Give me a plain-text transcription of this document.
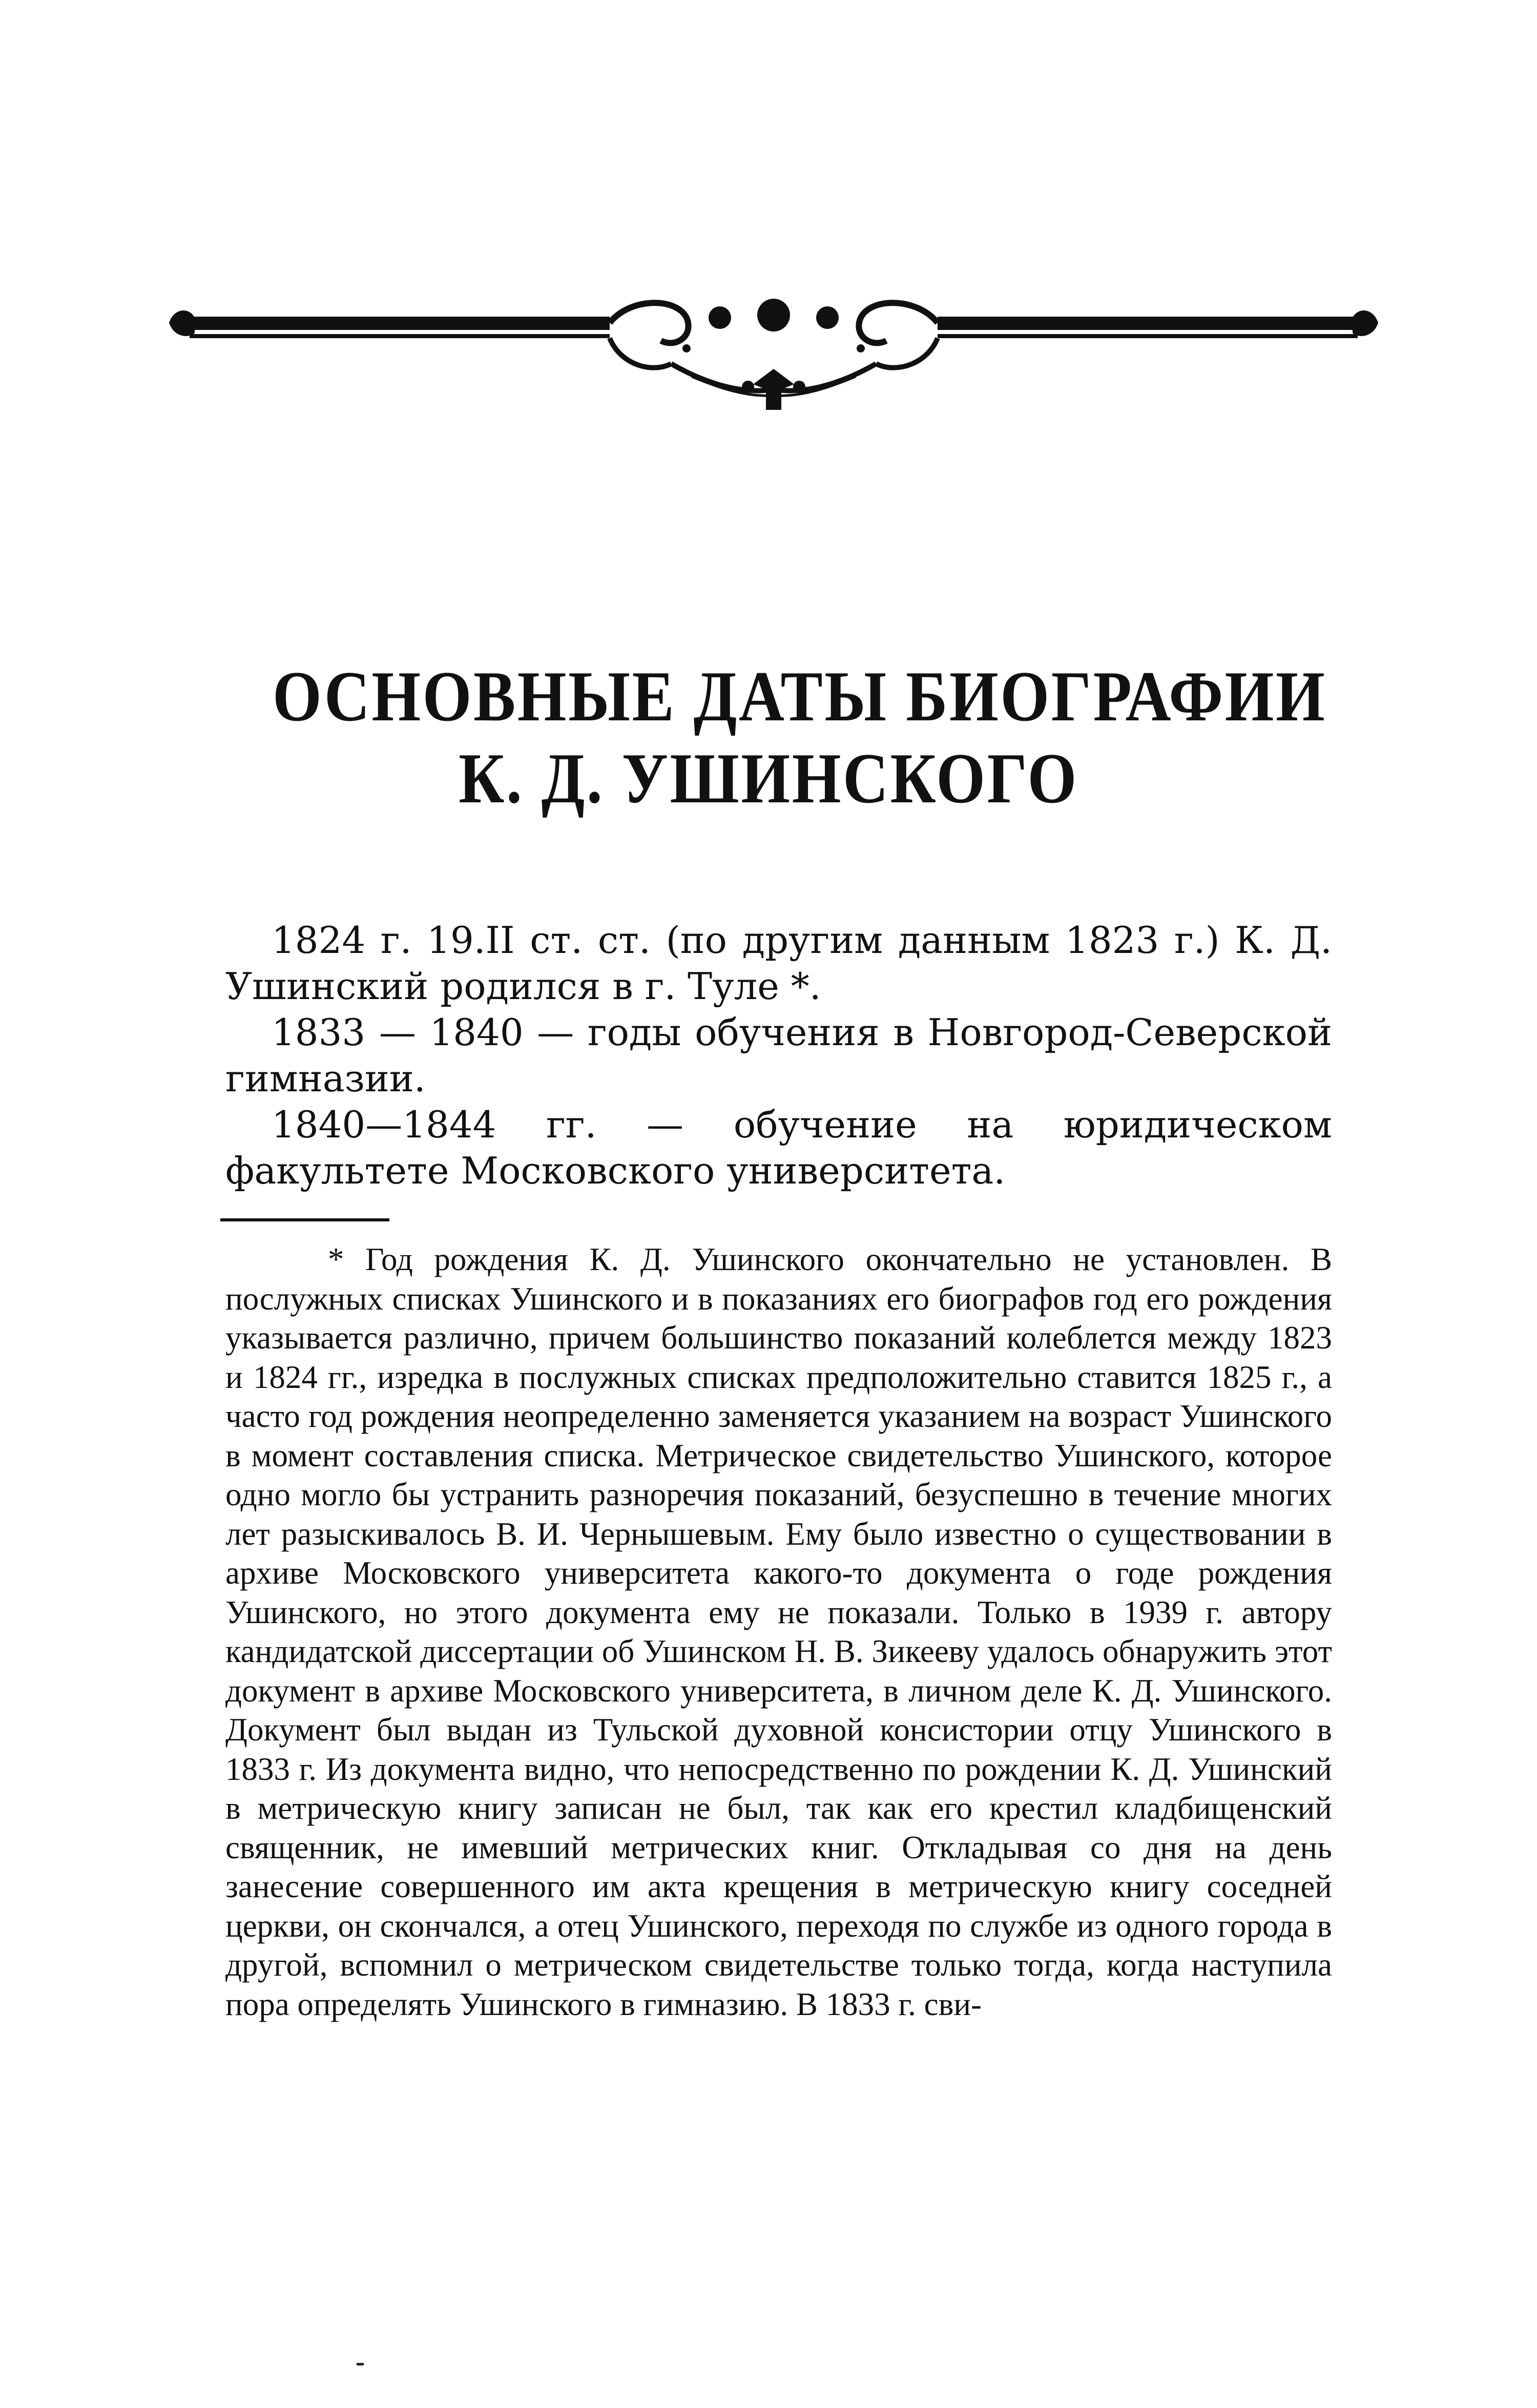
ОСНОВНЫЕ ДАТЫ БИОГРАФИИ
К. Д. УШИНСКОГО

1824 г. 19.II ст. ст. (по другим данным 1823 г.) К. Д. Ушинский родился в г. Туле *.

1833 — 1840 — годы обучения в Новгород-Северской гимназии.

1840—1844 гг. — обучение на юридическом факультете Московского университета.

* Год рождения К. Д. Ушинского окончательно не установлен. В послужных списках Ушинского и в показаниях его биографов год его рождения указывается различно, причем большинство показаний колеблется между 1823 и 1824 гг., изредка в послужных списках предположительно ставится 1825 г., а часто год рождения неопределенно заменяется указанием на возраст Ушинского в момент составления списка. Метрическое свидетельство Ушинского, которое одно могло бы устранить разноречия показаний, безуспешно в течение многих лет разыскивалось В. И. Чернышевым. Ему было известно о существовании в архиве Московского университета какого-то документа о годе рождения Ушинского, но этого документа ему не показали. Только в 1939 г. автору кандидатской диссертации об Ушинском Н. В. Зикееву удалось обнаружить этот документ в архиве Московского университета, в личном деле К. Д. Ушинского. Документ был выдан из Тульской духовной консистории отцу Ушинского в 1833 г. Из документа видно, что непосредственно по рождении К. Д. Ушинский в метрическую книгу записан не был, так как его крестил кладбищенский священник, не имевший метрических книг. Откладывая со дня на день занесение совершенного им акта крещения в метрическую книгу соседней церкви, он скончался, а отец Ушинского, переходя по службе из одного города в другой, вспомнил о метрическом свидетельстве только тогда, когда наступила пора определять Ушинского в гимназию. В 1833 г. сви-
